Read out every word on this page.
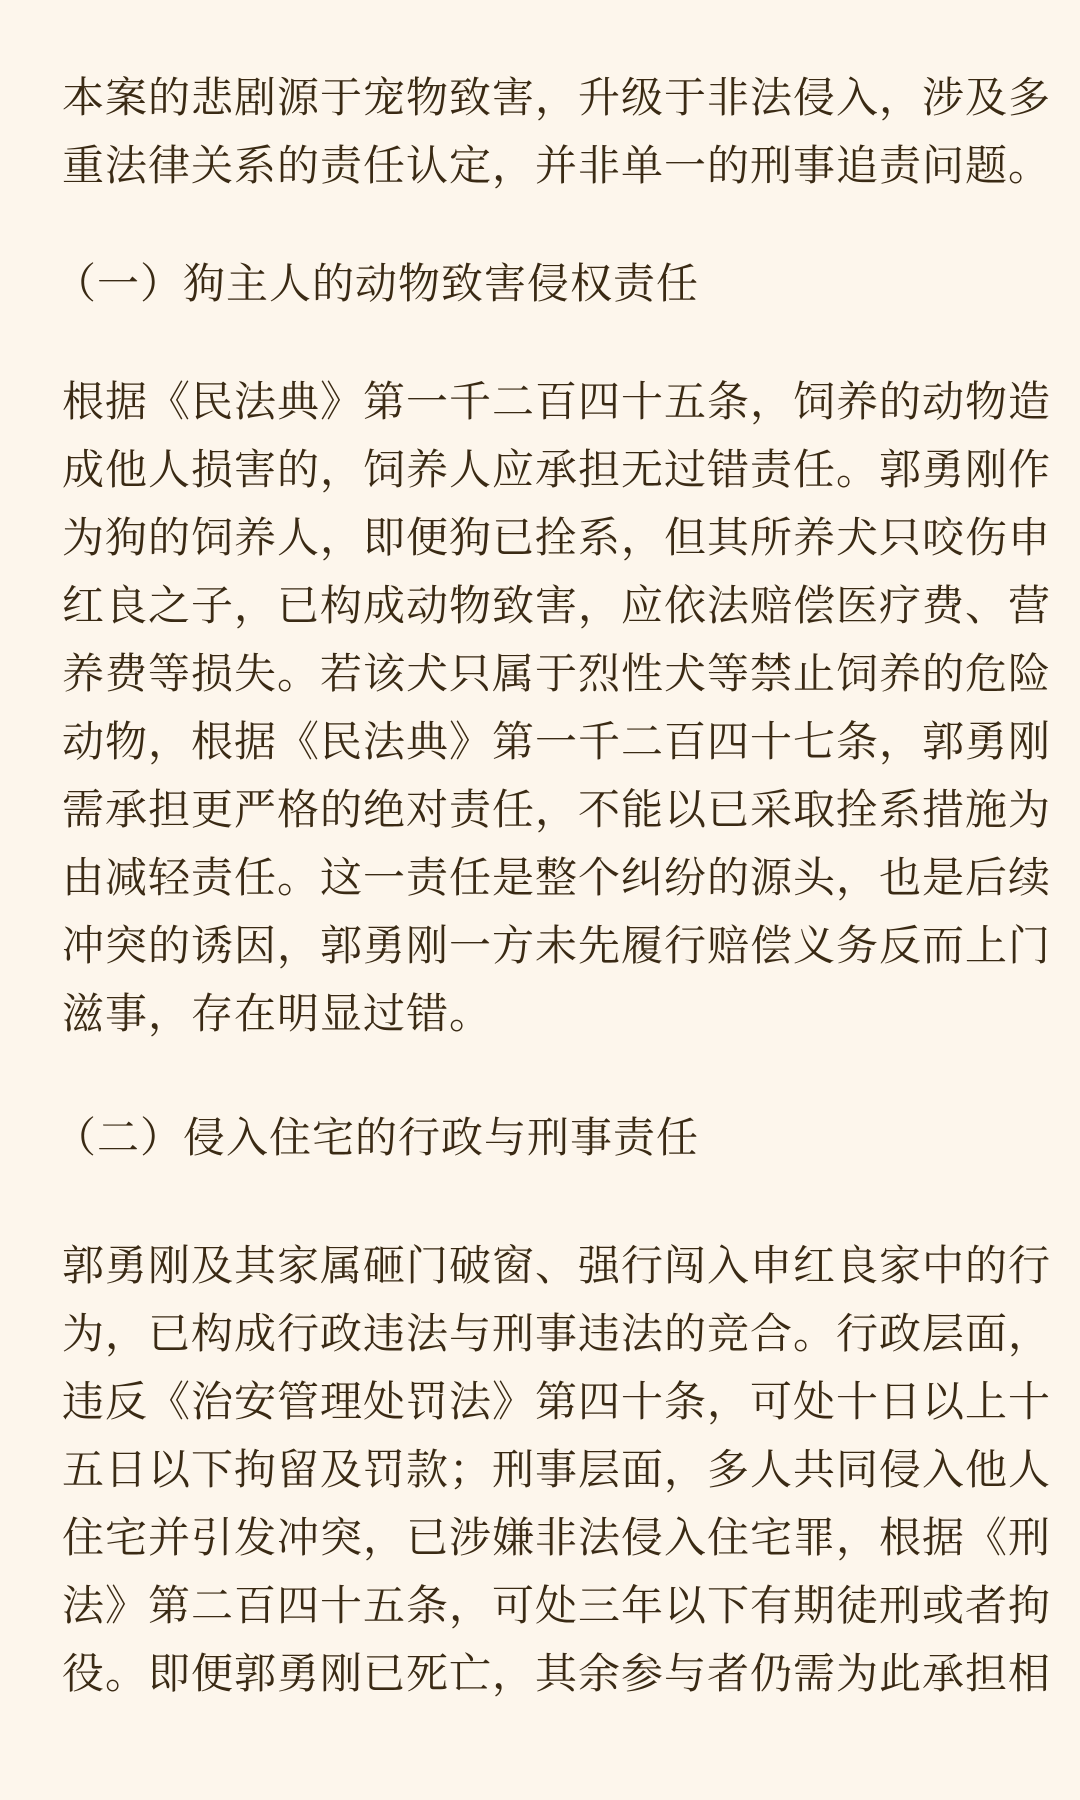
本案的悲剧源于宠物致害，升级于非法侵入，涉及多
重法律关系的责任认定，并非单一的刑事追责问题。

（一）狗主人的动物致害侵权责任

根据《民法典》第一千二百四十五条，饲养的动物造
成他人损害的，饲养人应承担无过错责任。郭勇刚作
为狗的饲养人，即便狗已拴系，但其所养犬只咬伤申
红良之子，已构成动物致害，应依法赔偿医疗费、营
养费等损失。若该犬只属于烈性犬等禁止饲养的危险
动物，根据《民法典》第一千二百四十七条，郭勇刚
需承担更严格的绝对责任，不能以已采取拴系措施为
由减轻责任。这一责任是整个纠纷的源头，也是后续
冲突的诱因，郭勇刚一方未先履行赔偿义务反而上门
滋事，存在明显过错。

（二）侵入住宅的行政与刑事责任

郭勇刚及其家属砸门破窗、强行闯入申红良家中的行
为，已构成行政违法与刑事违法的竞合。行政层面，
违反《治安管理处罚法》第四十条，可处十日以上十
五日以下拘留及罚款；刑事层面，多人共同侵入他人
住宅并引发冲突，已涉嫌非法侵入住宅罪，根据《刑
法》第二百四十五条，可处三年以下有期徒刑或者拘
役。即便郭勇刚已死亡，其余参与者仍需为此承担相
